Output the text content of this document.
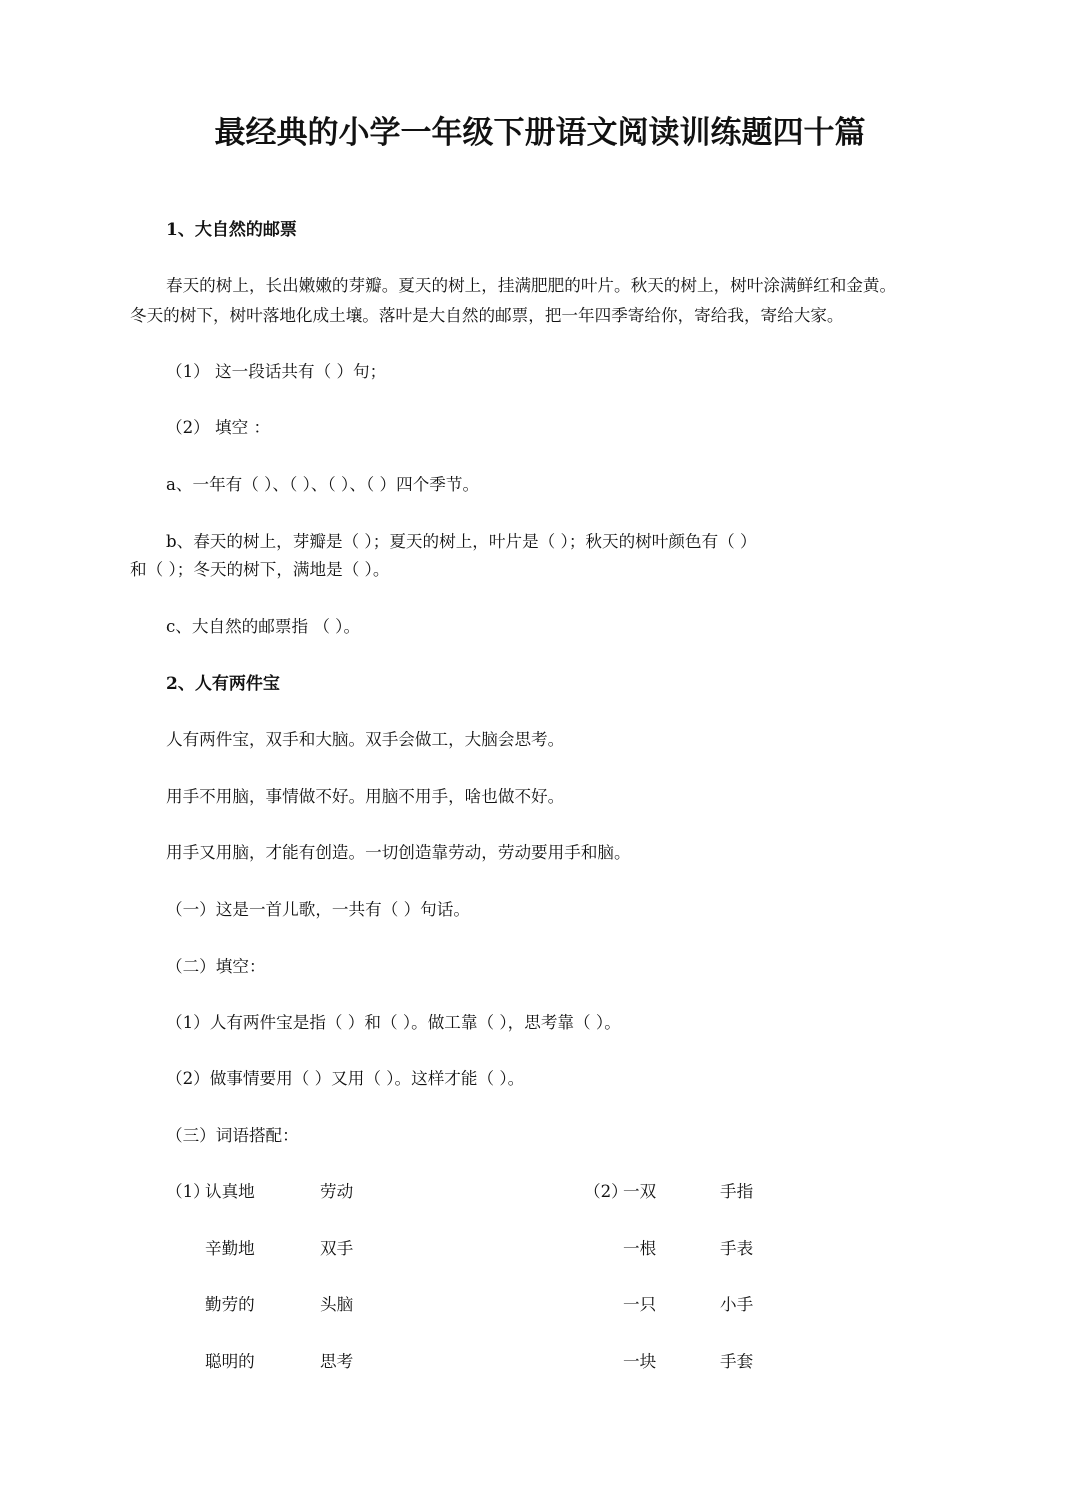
最经典的小学一年级下册语文阅读训练题四十篇
1、大自然的邮票
春天的树上，长出嫩嫩的芽瓣。夏天的树上，挂满肥肥的叶片。秋天的树上，树叶涂满鲜红和金黄。
冬天的树下，树叶落地化成土壤。落叶是大自然的邮票，把一年四季寄给你，寄给我，寄给大家。
（1） 这一段话共有（ ）句；
（2） 填空 ：
a、一年有（ ）、（ ）、（ ）、（ ）四个季节。
b、春天的树上，芽瓣是（ ）；夏天的树上，叶片是（ ）；秋天的树叶颜色有（ ）
和（ ）；冬天的树下，满地是（ ）。
c、大自然的邮票指 （ ）。
2、人有两件宝
人有两件宝，双手和大脑。双手会做工，大脑会思考。
用手不用脑，事情做不好。用脑不用手，啥也做不好。
用手又用脑，才能有创造。一切创造靠劳动，劳动要用手和脑。
（一）这是一首儿歌，一共有（ ）句话。
（二）填空：
（1）人有两件宝是指（ ）和（ ）。做工靠（ ），思考靠（ ）。
（2）做事情要用（ ）又用（ ）。这样才能（ ）。
（三）词语搭配：
（1）	（2）
认真地	劳动	一双	手指
辛勤地	双手	一根	手表
勤劳的	头脑	一只	小手
聪明的	思考	一块	手套
